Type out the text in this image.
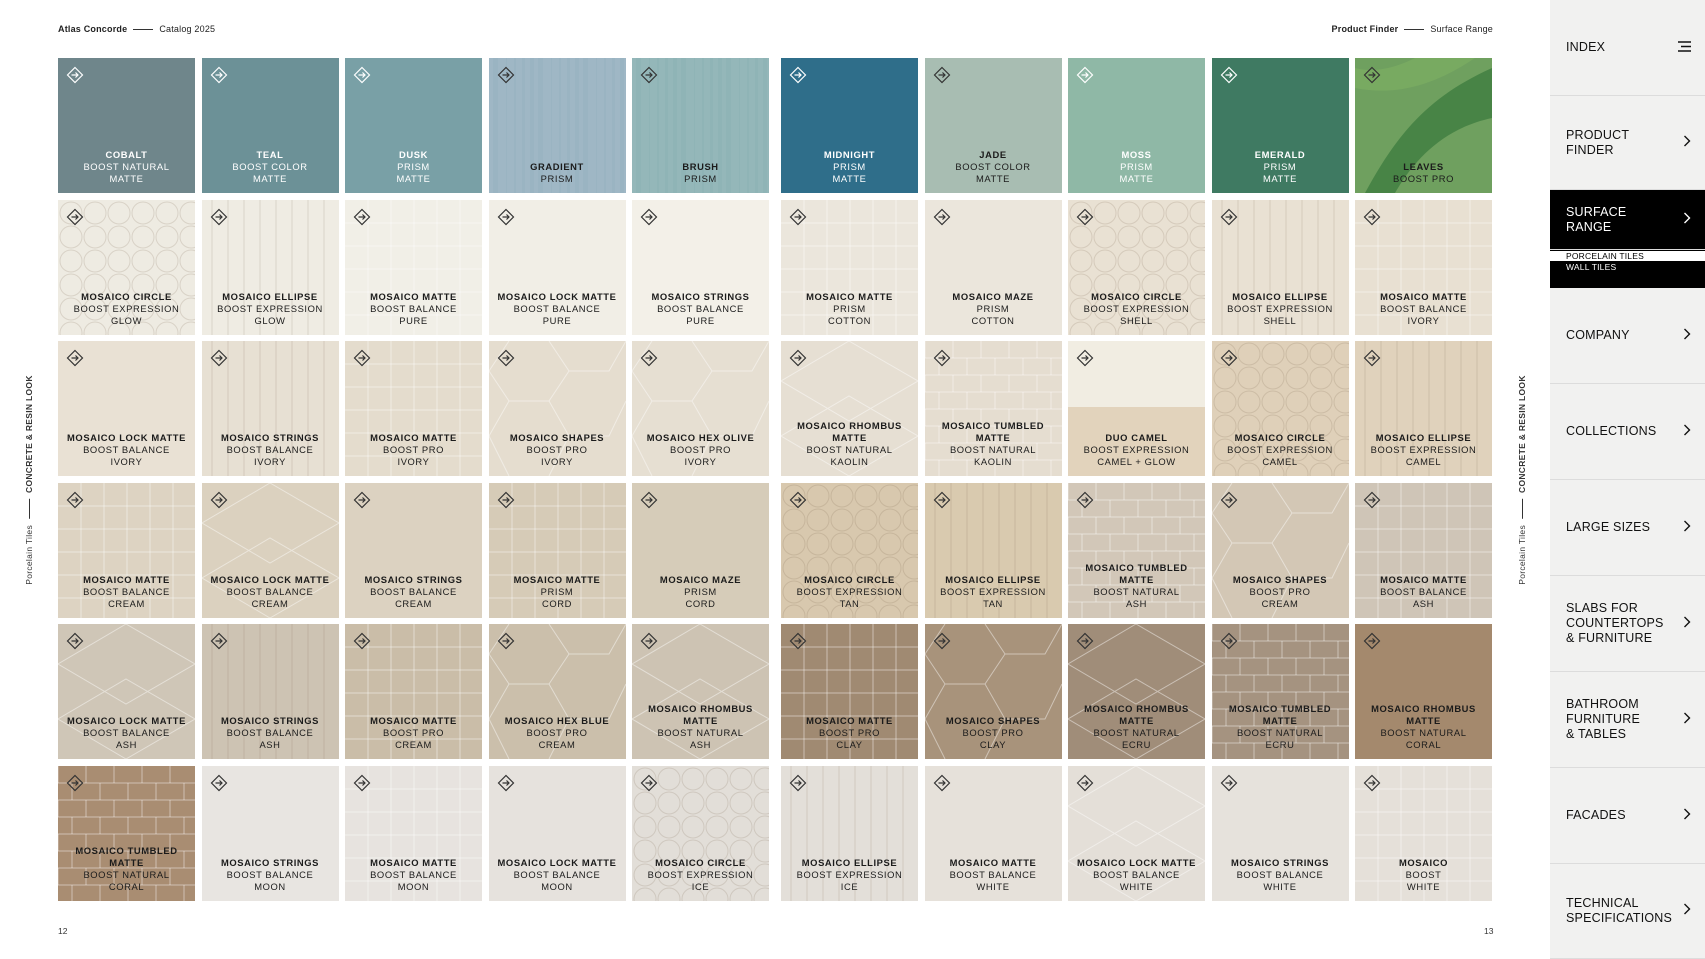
Atlas Concorde	Catalog 2025	Product Finder	Surface Range
Porcelain Tiles
CONCRETE & RESIN LOOK
Porcelain Tiles
CONCRETE & RESIN LOOK
COBALT
BOOST NATURAL
MATTE
TEAL
BOOST COLOR
MATTE
DUSK
PRISM
MATTE
GRADIENT
PRISM
BRUSH
PRISM
MOSAICO CIRCLE
BOOST EXPRESSION
GLOW
MOSAICO ELLIPSE
BOOST EXPRESSION
GLOW
MOSAICO MATTE
BOOST BALANCE
PURE
MOSAICO LOCK MATTE
BOOST BALANCE
PURE
MOSAICO STRINGS
BOOST BALANCE
PURE
MOSAICO LOCK MATTE
BOOST BALANCE
IVORY
MOSAICO STRINGS
BOOST BALANCE
IVORY
MOSAICO MATTE
BOOST PRO
IVORY
MOSAICO SHAPES
BOOST PRO
IVORY
MOSAICO HEX OLIVE
BOOST PRO
IVORY
MOSAICO MATTE
BOOST BALANCE
CREAM
MOSAICO LOCK MATTE
BOOST BALANCE
CREAM
MOSAICO STRINGS
BOOST BALANCE
CREAM
MOSAICO MATTE
PRISM
CORD
MOSAICO MAZE
PRISM
CORD
MOSAICO LOCK MATTE
BOOST BALANCE
ASH
MOSAICO STRINGS
BOOST BALANCE
ASH
MOSAICO MATTE
BOOST PRO
CREAM
MOSAICO HEX BLUE
BOOST PRO
CREAM
MOSAICO RHOMBUS MATTE
BOOST NATURAL
ASH
MOSAICO TUMBLED MATTE
BOOST NATURAL
CORAL
MOSAICO STRINGS
BOOST BALANCE
MOON
MOSAICO MATTE
BOOST BALANCE
MOON
MOSAICO LOCK MATTE
BOOST BALANCE
MOON
MOSAICO CIRCLE
BOOST EXPRESSION
ICE
MIDNIGHT
PRISM
MATTE
JADE
BOOST COLOR
MATTE
MOSS
PRISM
MATTE
EMERALD
PRISM
MATTE
LEAVES
BOOST PRO
MOSAICO MATTE
PRISM
COTTON
MOSAICO MAZE
PRISM
COTTON
MOSAICO CIRCLE
BOOST EXPRESSION
SHELL
MOSAICO ELLIPSE
BOOST EXPRESSION
SHELL
MOSAICO MATTE
BOOST BALANCE
IVORY
MOSAICO RHOMBUS MATTE
BOOST NATURAL
KAOLIN
MOSAICO TUMBLED MATTE
BOOST NATURAL
KAOLIN
DUO CAMEL
BOOST EXPRESSION
CAMEL + GLOW
MOSAICO CIRCLE
BOOST EXPRESSION
CAMEL
MOSAICO ELLIPSE
BOOST EXPRESSION
CAMEL
MOSAICO CIRCLE
BOOST EXPRESSION
TAN
MOSAICO ELLIPSE
BOOST EXPRESSION
TAN
MOSAICO TUMBLED MATTE
BOOST NATURAL
ASH
MOSAICO SHAPES
BOOST PRO
CREAM
MOSAICO MATTE
BOOST BALANCE
ASH
MOSAICO MATTE
BOOST PRO
CLAY
MOSAICO SHAPES
BOOST PRO
CLAY
MOSAICO RHOMBUS MATTE
BOOST NATURAL
ECRU
MOSAICO TUMBLED MATTE
BOOST NATURAL
ECRU
MOSAICO RHOMBUS MATTE
BOOST NATURAL
CORAL
MOSAICO ELLIPSE
BOOST EXPRESSION
ICE
MOSAICO MATTE
BOOST BALANCE
WHITE
MOSAICO LOCK MATTE
BOOST BALANCE
WHITE
MOSAICO STRINGS
BOOST BALANCE
WHITE
MOSAICO
BOOST
WHITE
12	13
PORCELAIN TILES
WALL TILES
INDEX
PRODUCT
FINDER
SURFACE
RANGE
COMPANY
COLLECTIONS
LARGE SIZES
SLABS FOR
COUNTERTOPS
& FURNITURE
BATHROOM
FURNITURE
& TABLES
FACADES
TECHNICAL
SPECIFICATIONS
